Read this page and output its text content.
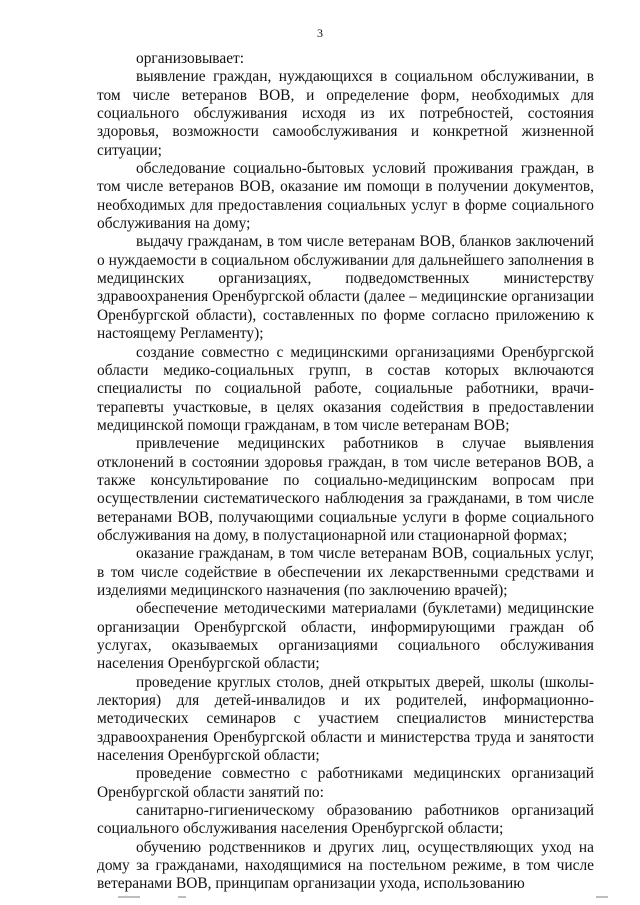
3

организовывает:

выявление граждан, нуждающихся в социальном обслуживании, в том числе ветеранов ВОВ, и определение форм, необходимых для социального обслуживания исходя из их потребностей, состояния здоровья, возможности самообслуживания и конкретной жизненной ситуации;

обследование социально-бытовых условий проживания граждан, в том числе ветеранов ВОВ, оказание им помощи в получении документов, необходимых для предоставления социальных услуг в форме социального обслуживания на дому;

выдачу гражданам, в том числе ветеранам ВОВ, бланков заключений о нуждаемости в социальном обслуживании для дальнейшего заполнения в медицинских организациях, подведомственных министерству здравоохранения Оренбургской области (далее – медицинские организации Оренбургской области), составленных по форме согласно приложению к настоящему Регламенту);

создание совместно с медицинскими организациями Оренбургской области медико-социальных групп, в состав которых включаются специалисты по социальной работе, социальные работники, врачи-терапевты участковые, в целях оказания содействия в предоставлении медицинской помощи гражданам, в том числе ветеранам ВОВ;

привлечение медицинских работников в случае выявления отклонений в состоянии здоровья граждан, в том числе ветеранов ВОВ, а также консультирование по социально-медицинским вопросам при осуществлении систематического наблюдения за гражданами, в том числе ветеранами ВОВ, получающими социальные услуги в форме социального обслуживания на дому, в полустационарной или стационарной формах;

оказание гражданам, в том числе ветеранам ВОВ, социальных услуг, в том числе содействие в обеспечении их лекарственными средствами и изделиями медицинского назначения (по заключению врачей);

обеспечение методическими материалами (буклетами) медицинские организации Оренбургской области, информирующими граждан об услугах, оказываемых организациями социального обслуживания населения Оренбургской области;

проведение круглых столов, дней открытых дверей, школы (школы-лектория) для детей-инвалидов и их родителей, информационно-методических семинаров с участием специалистов министерства здравоохранения Оренбургской области и министерства труда и занятости населения Оренбургской области;

проведение совместно с работниками медицинских организаций Оренбургской области занятий по:

санитарно-гигиеническому образованию работников организаций социального обслуживания населения Оренбургской области;

обучению родственников и других лиц, осуществляющих уход на дому за гражданами, находящимися на постельном режиме, в том числе ветеранами ВОВ, принципам организации ухода, использованию
